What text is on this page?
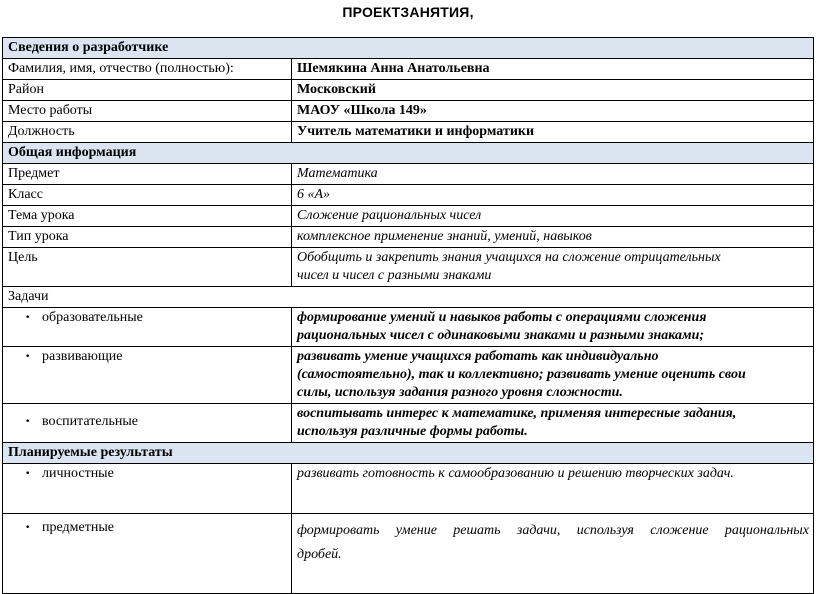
ПРОЕКТЗАНЯТИЯ,
Сведения о разработчике	
Фамилия, имя, отчество (полностью):	Шемякина Анна Анатольевна
Район	Московский
Место работы	МАОУ «Школа 149»
Должность	Учитель математики и информатики
Общая информация	
Предмет	Математика
Класс	6 «А»
Тема урока	Сложение рациональных чисел
Тип урока	комплексное применение знаний, умений, навыков
Цель	Обобщить и закрепить знания учащихся на сложение отрицательных
чисел и чисел с разными знаками

Задачи	
• образовательные	формирование умений и навыков работы с операциями сложения
рациональных чисел с одинаковыми знаками и разными знаками;

• развивающие	развивать умение учащихся работать как индивидуально
(самостоятельно), так и коллективно; развивать умение оценить свои
силы, используя задания разного уровня сложности.

• воспитательные	воспитывать интерес к математике, применяя интересные задания,
используя различные формы работы.

Планируемые результаты	
• личностные	развивать готовность к самообразованию и решению творческих задач.
• предметные	формировать умение решать задачи, используя сложение рациональных
дробей.
